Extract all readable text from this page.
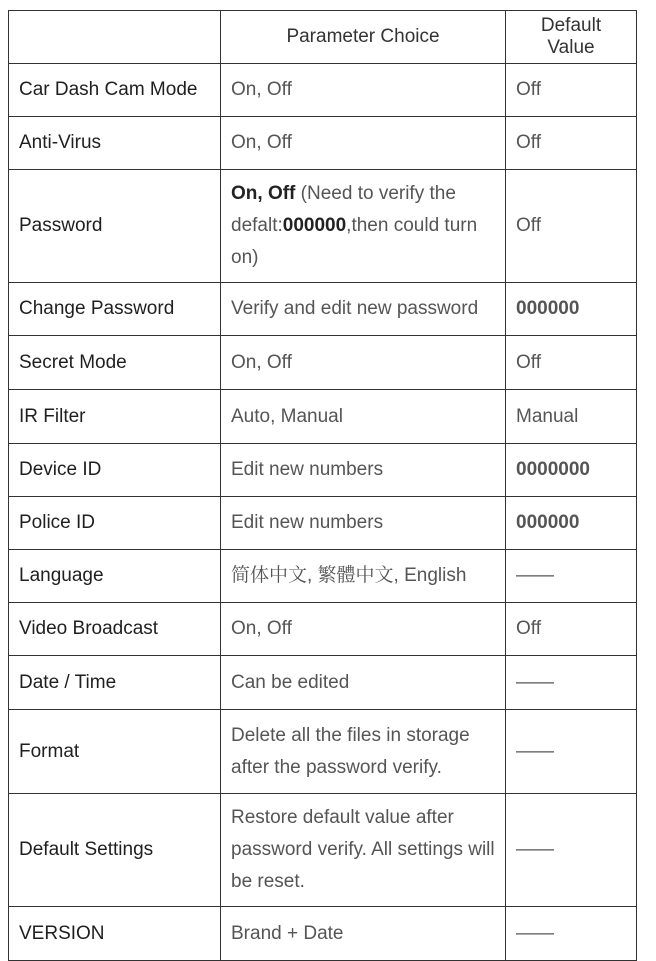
	Parameter Choice	Default Value
Car Dash Cam Mode	On, Off	Off
Anti-Virus	On, Off	Off
Password	On, Off (Need to verify the defalt:000000,then could turn on)	Off
Change Password	Verify and edit new password	000000
Secret Mode	On, Off	Off
IR Filter	Auto, Manual	Manual
Device ID	Edit new numbers	0000000
Police ID	Edit new numbers	000000
Language	简体中文, 繁體中文, English	——
Video Broadcast	On, Off	Off
Date / Time	Can be edited	——
Format	Delete all the files in storage after the password verify.	——
Default Settings	Restore default value after password verify. All settings will be reset.	——
VERSION	Brand + Date	——
